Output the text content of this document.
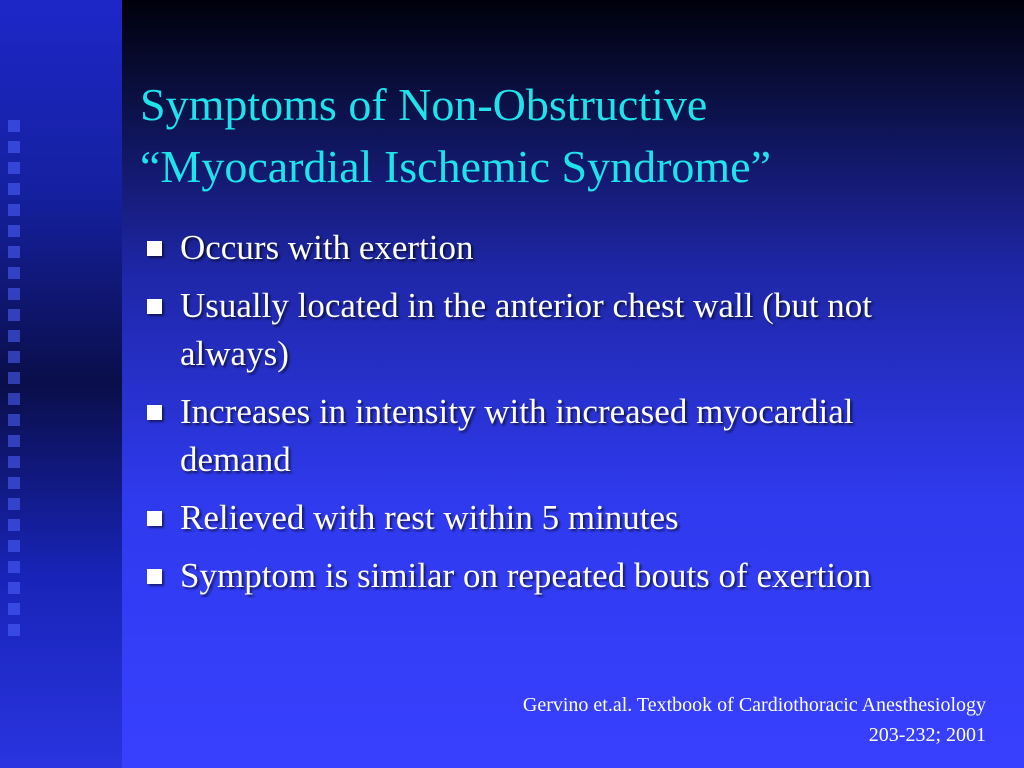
Symptoms of Non-Obstructive
“Myocardial Ischemic Syndrome”
Occurs with exertion
Usually located in the anterior chest wall (but not always)
Increases in intensity with increased myocardial demand
Relieved with rest within 5 minutes
Symptom is similar on repeated bouts of exertion
Gervino et.al. Textbook of Cardiothoracic Anesthesiology
203-232; 2001
